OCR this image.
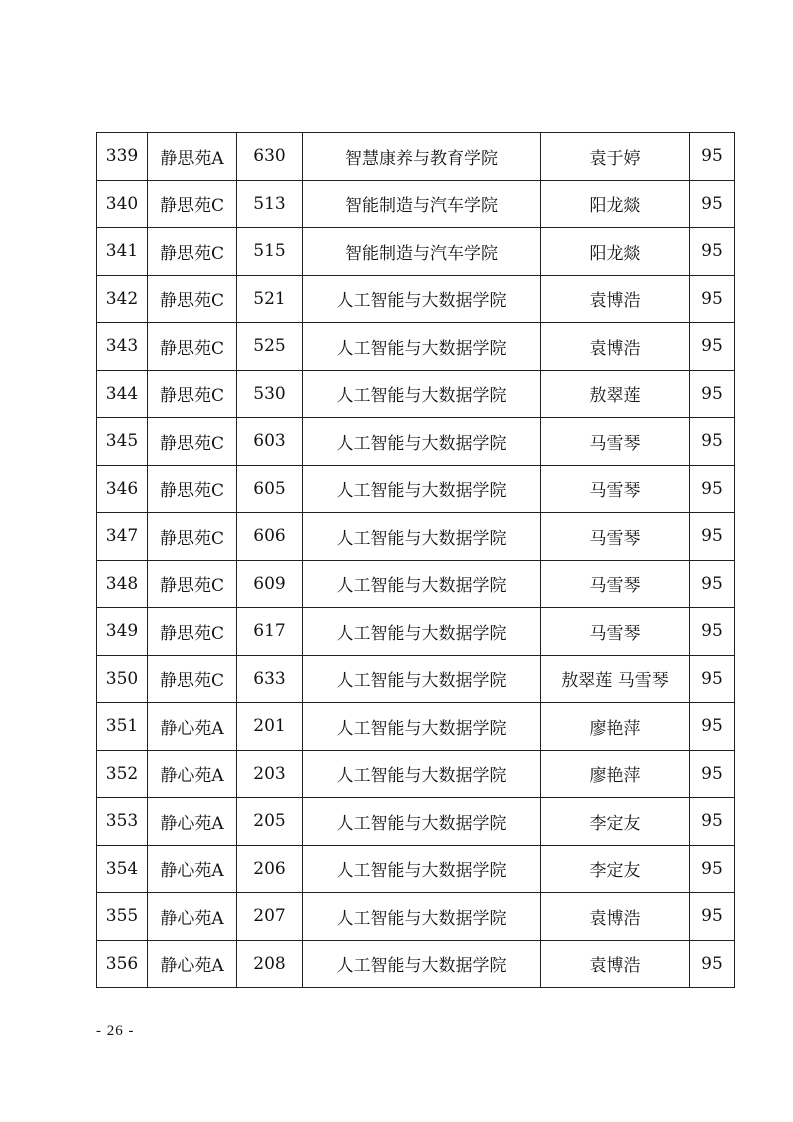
339	静思苑A	630	智慧康养与教育学院	袁于婷	95
340	静思苑C	513	智能制造与汽车学院	阳龙燚	95
341	静思苑C	515	智能制造与汽车学院	阳龙燚	95
342	静思苑C	521	人工智能与大数据学院	袁博浩	95
343	静思苑C	525	人工智能与大数据学院	袁博浩	95
344	静思苑C	530	人工智能与大数据学院	敖翠莲	95
345	静思苑C	603	人工智能与大数据学院	马雪琴	95
346	静思苑C	605	人工智能与大数据学院	马雪琴	95
347	静思苑C	606	人工智能与大数据学院	马雪琴	95
348	静思苑C	609	人工智能与大数据学院	马雪琴	95
349	静思苑C	617	人工智能与大数据学院	马雪琴	95
350	静思苑C	633	人工智能与大数据学院	敖翠莲 马雪琴	95
351	静心苑A	201	人工智能与大数据学院	廖艳萍	95
352	静心苑A	203	人工智能与大数据学院	廖艳萍	95
353	静心苑A	205	人工智能与大数据学院	李定友	95
354	静心苑A	206	人工智能与大数据学院	李定友	95
355	静心苑A	207	人工智能与大数据学院	袁博浩	95
356	静心苑A	208	人工智能与大数据学院	袁博浩	95
- 26 -
